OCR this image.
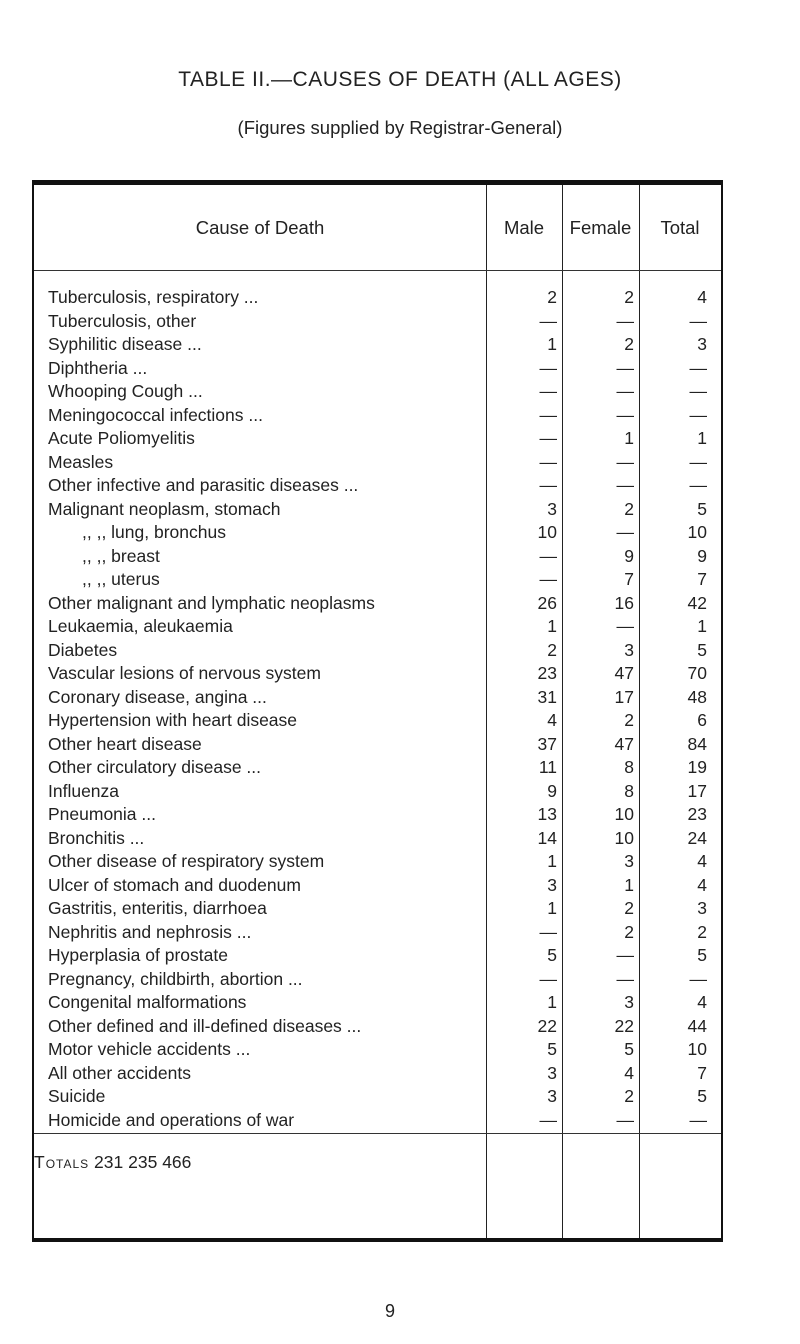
TABLE II.—CAUSES OF DEATH (ALL AGES)
(Figures supplied by Registrar-General)
Cause of Death	Male	Female	Total
Tuberculosis, respiratory ...	2	2	4
Tuberculosis, other	—	—	—
Syphilitic disease ...	1	2	3
Diphtheria ...	—	—	—
Whooping Cough ...	—	—	—
Meningococcal infections ...	—	—	—
Acute Poliomyelitis	—	1	1
Measles	—	—	—
Other infective and parasitic diseases ...	—	—	—
Malignant neoplasm, stomach	3	2	5
,, ,, lung, bronchus	10	—	10
,, ,, breast	—	9	9
,, ,, uterus	—	7	7
Other malignant and lymphatic neoplasms	26	16	42
Leukaemia, aleukaemia	1	—	1
Diabetes	2	3	5
Vascular lesions of nervous system	23	47	70
Coronary disease, angina ...	31	17	48
Hypertension with heart disease	4	2	6
Other heart disease	37	47	84
Other circulatory disease ...	11	8	19
Influenza	9	8	17
Pneumonia ...	13	10	23
Bronchitis ...	14	10	24
Other disease of respiratory system	1	3	4
Ulcer of stomach and duodenum	3	1	4
Gastritis, enteritis, diarrhoea	1	2	3
Nephritis and nephrosis ...	—	2	2
Hyperplasia of prostate	5	—	5
Pregnancy, childbirth, abortion ...	—	—	—
Congenital malformations	1	3	4
Other defined and ill-defined diseases ...	22	22	44
Motor vehicle accidents ...	5	5	10
All other accidents	3	4	7
Suicide	3	2	5
Homicide and operations of war	—	—	—
Totals 231 235 466
9
